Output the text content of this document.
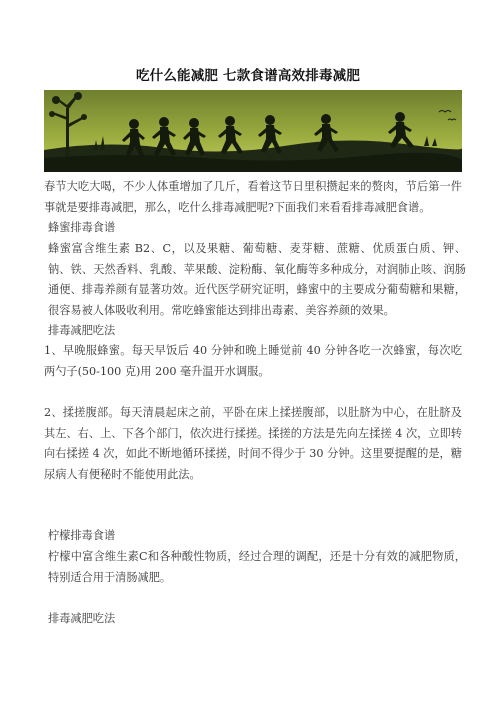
吃什么能减肥 七款食谱高效排毒减肥
春节大吃大喝，不少人体重增加了几斤，看着这节日里积攒起来的赘肉，节后第一件事就是要排毒减肥，那么，吃什么排毒减肥呢?下面我们来看看排毒减肥食谱。
蜂蜜排毒食谱
蜂蜜富含维生素 B2、C，以及果糖、葡萄糖、麦芽糖、蔗糖、优质蛋白质、钾、钠、铁、天然香料、乳酸、苹果酸、淀粉酶、氧化酶等多种成分，对润肺止咳、润肠通便、排毒养颜有显著功效。近代医学研究证明，蜂蜜中的主要成分葡萄糖和果糖，很容易被人体吸收利用。常吃蜂蜜能达到排出毒素、美容养颜的效果。
排毒减肥吃法
1、早晚服蜂蜜。每天早饭后 40 分钟和晚上睡觉前 40 分钟各吃一次蜂蜜，每次吃两勺子(50-100 克)用 200 毫升温开水调服。
2、揉搓腹部。每天清晨起床之前，平卧在床上揉搓腹部，以肚脐为中心，在肚脐及其左、右、上、下各个部门，依次进行揉搓。揉搓的方法是先向左揉搓 4 次，立即转向右揉搓 4 次，如此不断地循环揉搓，时间不得少于 30 分钟。这里要提醒的是，糖尿病人有便秘时不能使用此法。
柠檬排毒食谱
柠檬中富含维生素C和各种酸性物质，经过合理的调配，还是十分有效的减肥物质，特别适合用于清肠减肥。
排毒减肥吃法
